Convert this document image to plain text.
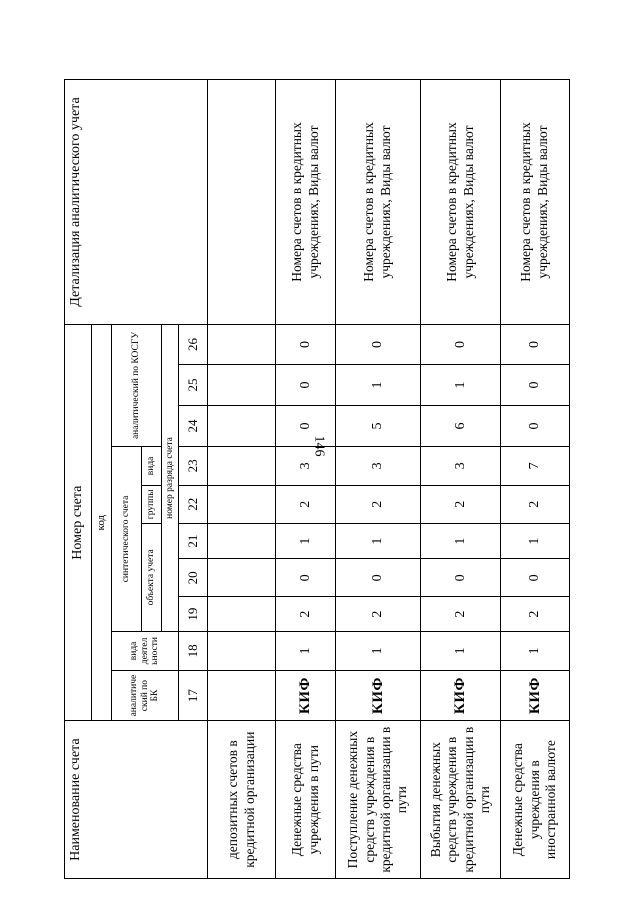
146
Наименование счета	Номер счета										Детализация аналитического учета
	код										
	аналитиче ский по БК	вида деятел ьности	синтетического счета					аналитический по КОСГУ			
			объекта учета			группы	вида				
			номер разряда счета								
	17	18	19	20	21	22	23	24	25	26	
депозитных счетов в кредитной организации											
Денежные средства учреждения в пути	КИФ	1	2	0	1	2	3	0	0	0	Номера счетов в кредитных учреждениях, Виды валют
Поступление денежных средств учреждения в кредитной организации в пути	КИФ	1	2	0	1	2	3	5	1	0	Номера счетов в кредитных учреждениях, Виды валют
Выбытия денежных средств учреждения в кредитной организации в пути	КИФ	1	2	0	1	2	3	6	1	0	Номера счетов в кредитных учреждениях, Виды валют
Денежные средства учреждения в иностранной валюте	КИФ	1	2	0	1	2	7	0	0	0	Номера счетов в кредитных учреждениях, Виды валют
